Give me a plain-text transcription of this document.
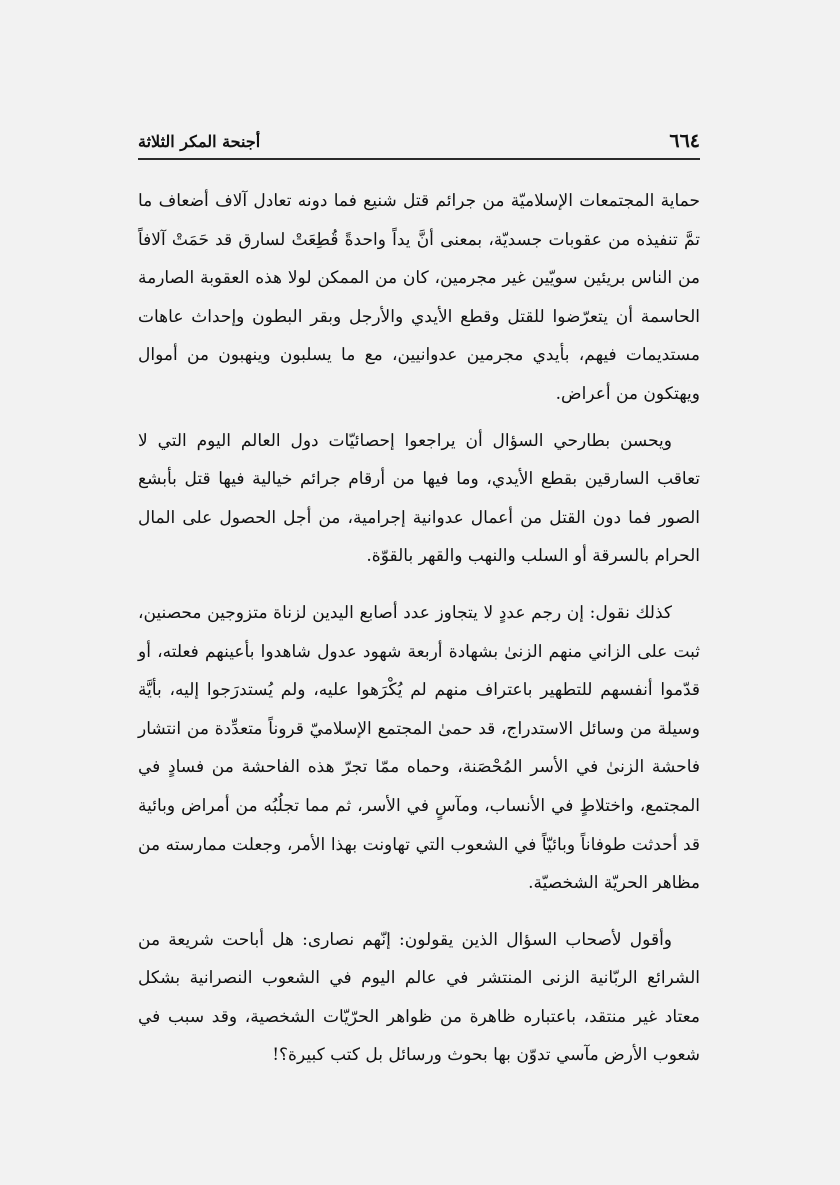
٦٦٤
أجنحة المكر الثلاثة

حماية المجتمعات الإسلاميّة من جرائم قتل شنيع فما دونه تعادل آلاف أضعاف ما تمَّ تنفيذه من عقوبات جسديّة، بمعنى أنَّ يداً واحدةً قُطِعَتْ لسارق قد حَمَتْ آلافاً من الناس بريئين سويّين غير مجرمين، كان من الممكن لولا هذه العقوبة الصارمة الحاسمة أن يتعرّضوا للقتل وقطع الأيدي والأرجل وبقر البطون وإحداث عاهات مستديمات فيهم، بأيدي مجرمين عدوانيين، مع ما يسلبون وينهبون من أموال ويهتكون من أعراض.

ويحسن بطارحي السؤال أن يراجعوا إحصائيّات دول العالم اليوم التي لا تعاقب السارقين بقطع الأيدي، وما فيها من أرقام جرائم خيالية فيها قتل بأبشع الصور فما دون القتل من أعمال عدوانية إجرامية، من أجل الحصول على المال الحرام بالسرقة أو السلب والنهب والقهر بالقوّة.

كذلك نقول: إن رجم عددٍ لا يتجاوز عدد أصابع اليدين لزناة متزوجين محصنين، ثبت على الزاني منهم الزنىٰ بشهادة أربعة شهود عدول شاهدوا بأعينهم فعلته، أو قدّموا أنفسهم للتطهير باعتراف منهم لم يُكْرَهوا عليه، ولم يُستدرَجوا إليه، بأيَّة وسيلة من وسائل الاستدراج، قد حمىٰ المجتمع الإسلاميّ قروناً متعدِّدة من انتشار فاحشة الزنىٰ في الأسر المُحْصَنة، وحماه ممّا تجرّ هذه الفاحشة من فسادٍ في المجتمع، واختلاطٍ في الأنساب، ومآسٍ في الأسر، ثم مما تجلُبُه من أمراض وبائية قد أحدثت طوفاناً وبائيّاً في الشعوب التي تهاونت بهذا الأمر، وجعلت ممارسته من مظاهر الحريّة الشخصيّة.

وأقول لأصحاب السؤال الذين يقولون: إنّهم نصارى: هل أباحت شريعة من الشرائع الربّانية الزنى المنتشر في عالم اليوم في الشعوب النصرانية بشكل معتاد غير منتقد، باعتباره ظاهرة من ظواهر الحرّيّات الشخصية، وقد سبب في شعوب الأرض مآسي تدوّن بها بحوث ورسائل بل كتب كبيرة؟!
